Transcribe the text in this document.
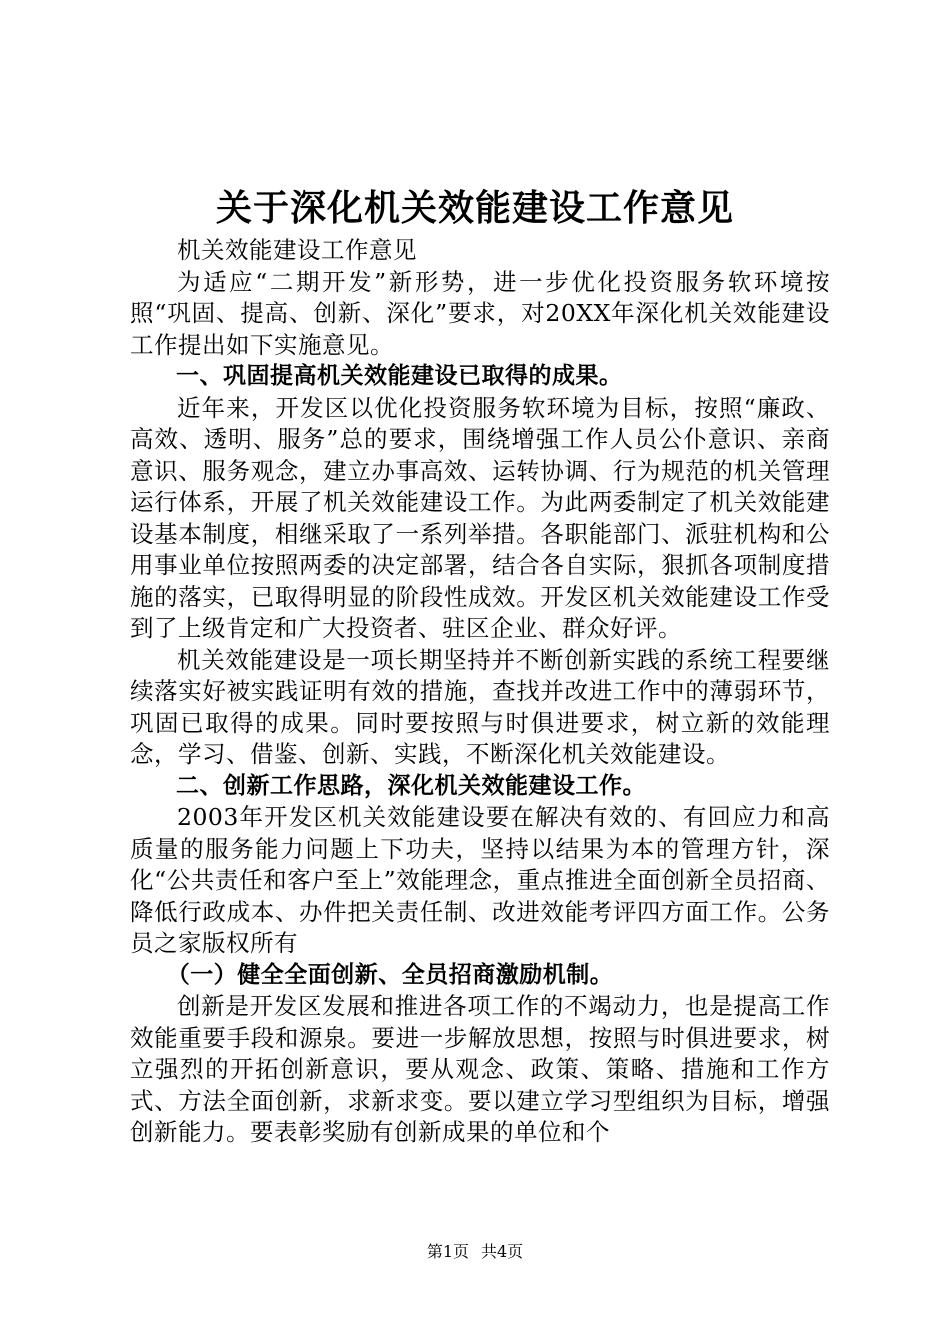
关于深化机关效能建设工作意见

机关效能建设工作意见

为适应“二期开发”新形势，进一步优化投资服务软环境按照“巩固、提高、创新、深化”要求，对20XX年深化机关效能建设工作提出如下实施意见。

一、巩固提高机关效能建设已取得的成果。

近年来，开发区以优化投资服务软环境为目标，按照“廉政、高效、透明、服务”总的要求，围绕增强工作人员公仆意识、亲商意识、服务观念，建立办事高效、运转协调、行为规范的机关管理运行体系，开展了机关效能建设工作。为此两委制定了机关效能建设基本制度，相继采取了一系列举措。各职能部门、派驻机构和公用事业单位按照两委的决定部署，结合各自实际，狠抓各项制度措施的落实，已取得明显的阶段性成效。开发区机关效能建设工作受到了上级肯定和广大投资者、驻区企业、群众好评。

机关效能建设是一项长期坚持并不断创新实践的系统工程要继续落实好被实践证明有效的措施，查找并改进工作中的薄弱环节，巩固已取得的成果。同时要按照与时俱进要求，树立新的效能理念，学习、借鉴、创新、实践，不断深化机关效能建设。

二、创新工作思路，深化机关效能建设工作。

2003年开发区机关效能建设要在解决有效的、有回应力和高质量的服务能力问题上下功夫，坚持以结果为本的管理方针，深化“公共责任和客户至上”效能理念，重点推进全面创新全员招商、降低行政成本、办件把关责任制、改进效能考评四方面工作。公务员之家版权所有

（一）健全全面创新、全员招商激励机制。

创新是开发区发展和推进各项工作的不竭动力，也是提高工作效能重要手段和源泉。要进一步解放思想，按照与时俱进要求，树立强烈的开拓创新意识，要从观念、政策、策略、措施和工作方式、方法全面创新，求新求变。要以建立学习型组织为目标，增强创新能力。要表彰奖励有创新成果的单位和个

第1页 共4页
